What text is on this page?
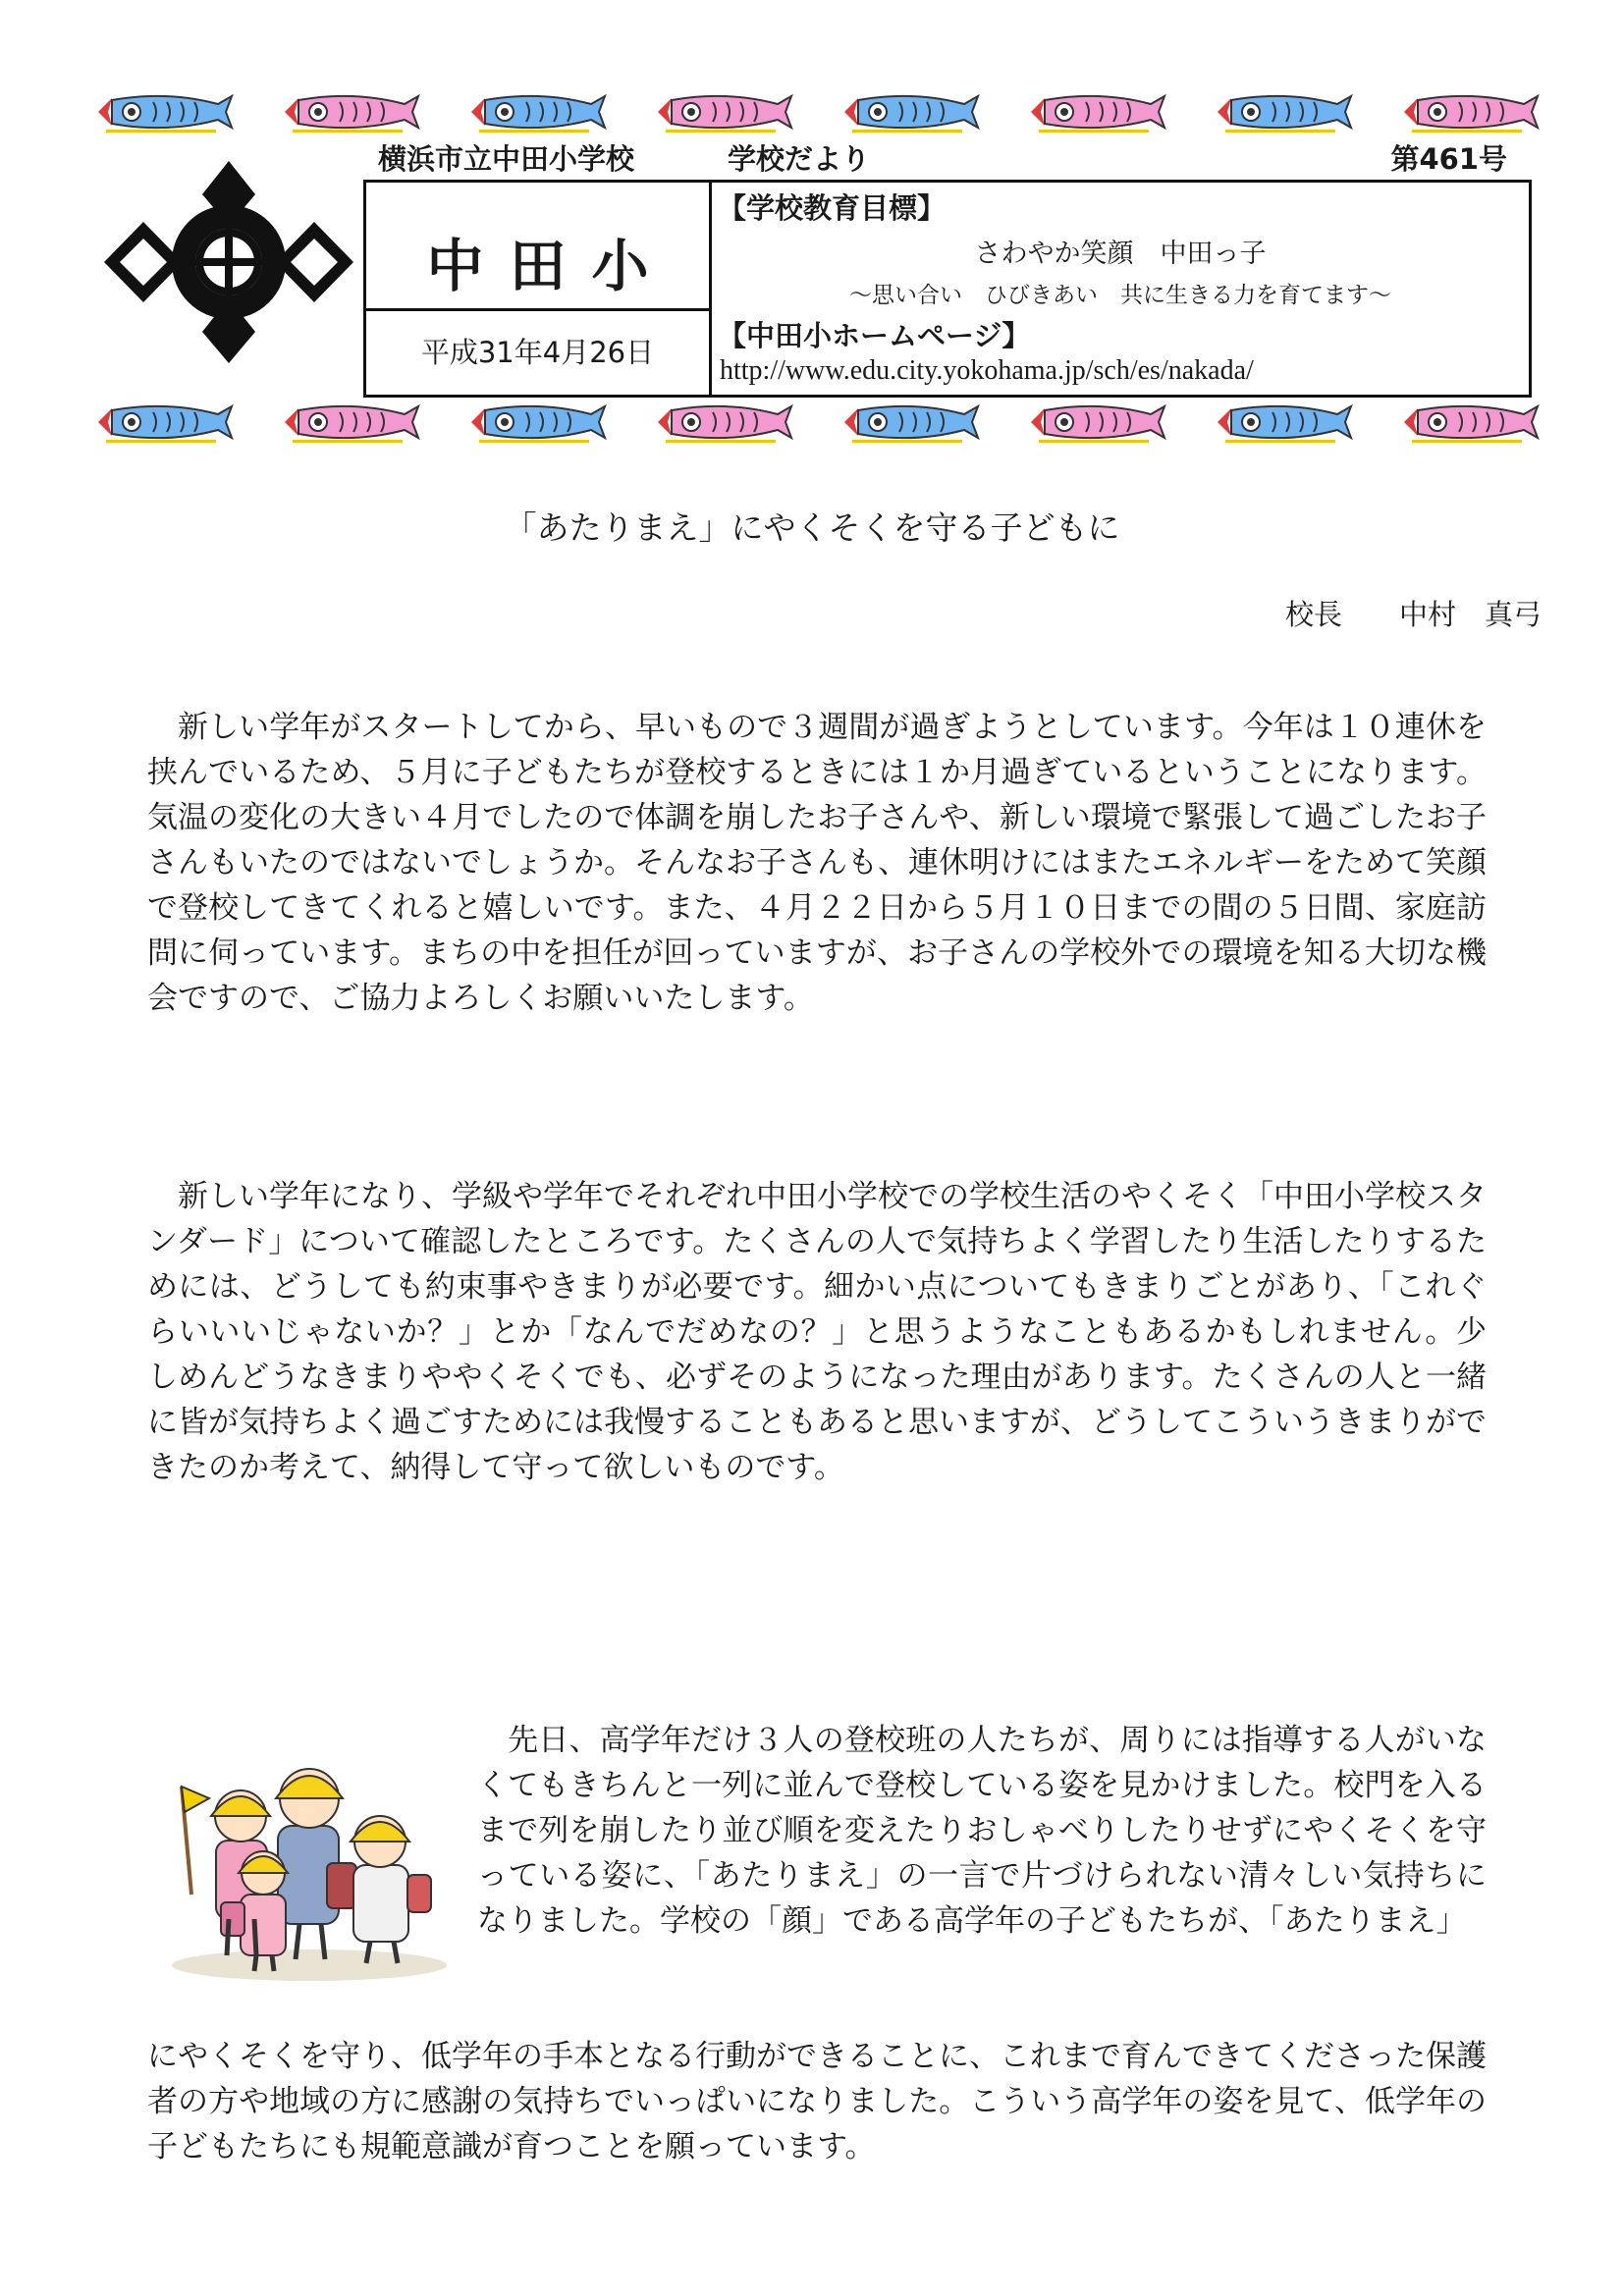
横浜市立中田小学校	学校だより	第461号
中田小
平成31年4月26日
【学校教育目標】
さわやか笑顔　中田っ子
～思い合い　ひびきあい　共に生きる力を育てます～
【中田小ホームページ】
http://www.edu.city.yokohama.jp/sch/es/nakada/
「あたりまえ」にやくそくを守る子どもに
校長　　中村　真弓

　新しい学年がスタートしてから、早いもので３週間が過ぎようとしています。今年は１０連休を挟んでいるため、５月に子どもたちが登校するときには１か月過ぎているということになります。気温の変化の大きい４月でしたので体調を崩したお子さんや、新しい環境で緊張して過ごしたお子さんもいたのではないでしょうか。そんなお子さんも、連休明けにはまたエネルギーをためて笑顔で登校してきてくれると嬉しいです。また、４月２２日から５月１０日までの間の５日間、家庭訪問に伺っています。まちの中を担任が回っていますが、お子さんの学校外での環境を知る大切な機会ですので、ご協力よろしくお願いいたします。

　新しい学年になり、学級や学年でそれぞれ中田小学校での学校生活のやくそく「中田小学校スタンダード」について確認したところです。たくさんの人で気持ちよく学習したり生活したりするためには、どうしても約束事やきまりが必要です。細かい点についてもきまりごとがあり、「これぐらいいいじゃないか？」とか「なんでだめなの？」と思うようなこともあるかもしれません。少しめんどうなきまりややくそくでも、必ずそのようになった理由があります。たくさんの人と一緒に皆が気持ちよく過ごすためには我慢することもあると思いますが、どうしてこういうきまりができたのか考えて、納得して守って欲しいものです。

　先日、高学年だけ３人の登校班の人たちが、周りには指導する人がいなくてもきちんと一列に並んで登校している姿を見かけました。校門を入るまで列を崩したり並び順を変えたりおしゃべりしたりせずにやくそくを守っている姿に、「あたりまえ」の一言で片づけられない清々しい気持ちになりました。学校の「顔」である高学年の子どもたちが、「あたりまえ」

にやくそくを守り、低学年の手本となる行動ができることに、これまで育んできてくださった保護者の方や地域の方に感謝の気持ちでいっぱいになりました。こういう高学年の姿を見て、低学年の子どもたちにも規範意識が育つことを願っています。
